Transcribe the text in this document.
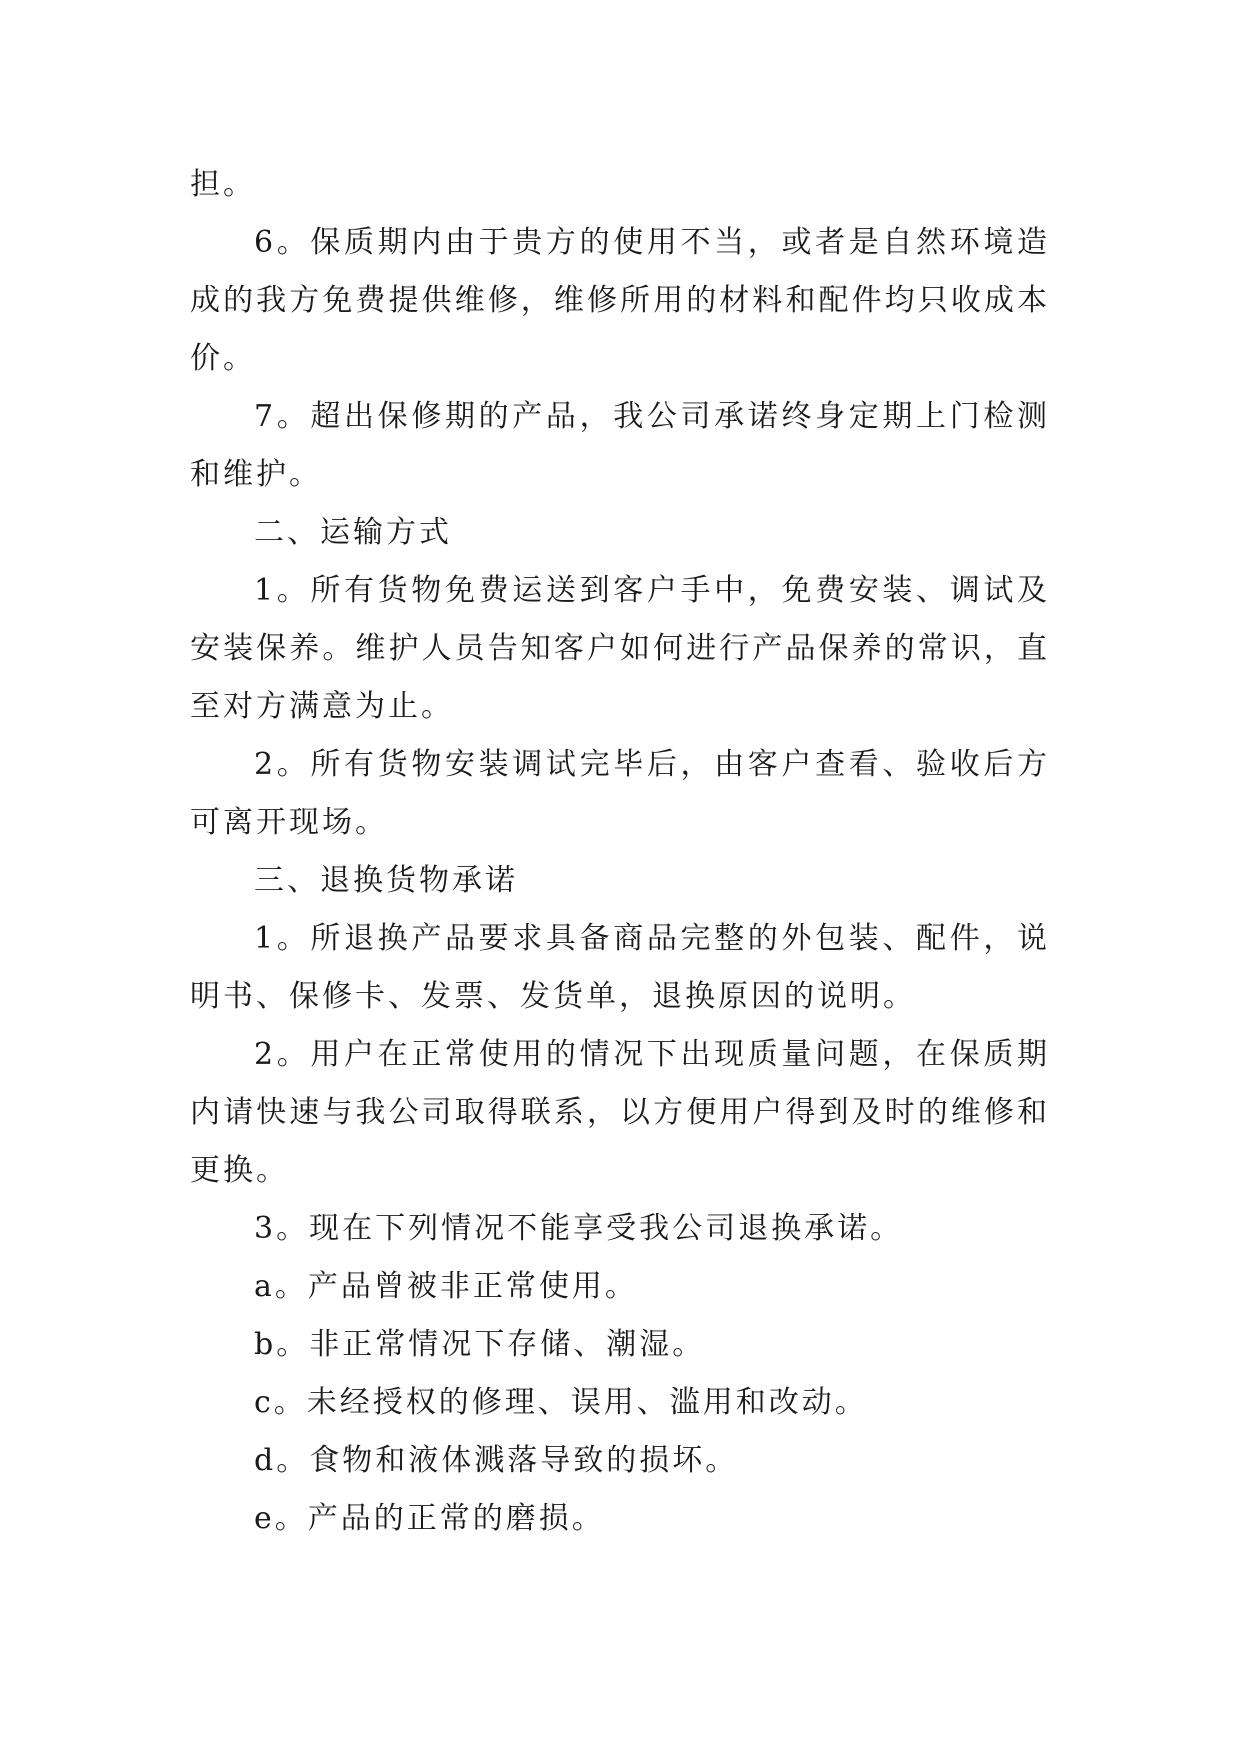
担。

6。保质期内由于贵方的使用不当，或者是自然环境造成的我方免费提供维修，维修所用的材料和配件均只收成本价。

7。超出保修期的产品，我公司承诺终身定期上门检测和维护。

二、运输方式

1。所有货物免费运送到客户手中，免费安装、调试及安装保养。维护人员告知客户如何进行产品保养的常识，直至对方满意为止。

2。所有货物安装调试完毕后，由客户查看、验收后方可离开现场。

三、退换货物承诺

1。所退换产品要求具备商品完整的外包装、配件，说明书、保修卡、发票、发货单，退换原因的说明。

2。用户在正常使用的情况下出现质量问题，在保质期内请快速与我公司取得联系，以方便用户得到及时的维修和更换。

3。现在下列情况不能享受我公司退换承诺。

a。产品曾被非正常使用。

b。非正常情况下存储、潮湿。

c。未经授权的修理、误用、滥用和改动。

d。食物和液体溅落导致的损坏。

e。产品的正常的磨损。
